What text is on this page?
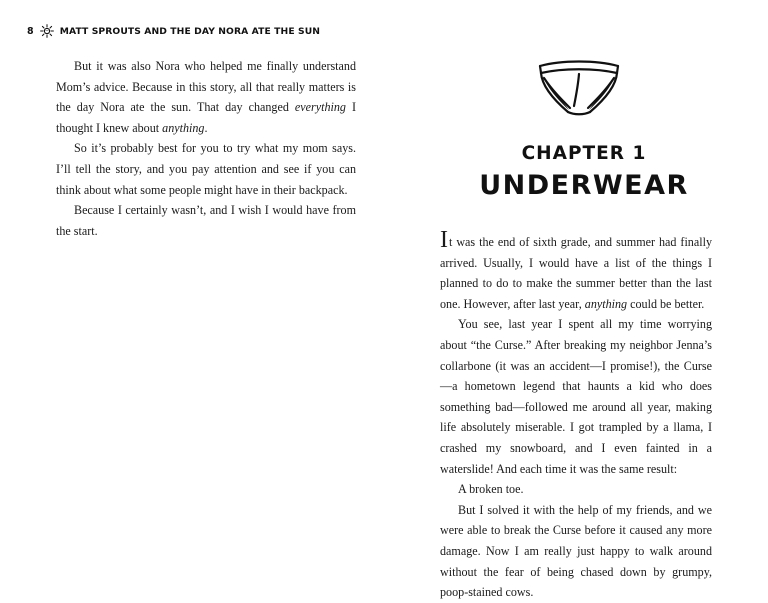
8	MATT SPROUTS AND THE DAY NORA ATE THE SUN

But it was also Nora who helped me finally understand Mom’s advice. Because in this story, all that really matters is the day Nora ate the sun. That day changed everything I thought I knew about anything.

So it’s probably best for you to try what my mom says. I’ll tell the story, and you pay attention and see if you can think about what some people might have in their backpack.

Because I certainly wasn’t, and I wish I would have from the start.

CHAPTER 1
UNDERWEAR

It was the end of sixth grade, and summer had finally arrived. Usually, I would have a list of the things I planned to do to make the summer better than the last one. However, after last year, anything could be better.

You see, last year I spent all my time worrying about “the Curse.” After breaking my neighbor Jenna’s collarbone (it was an accident—I promise!), the Curse—a hometown legend that haunts a kid who does something bad—followed me around all year, making life absolutely miserable. I got trampled by a llama, I crashed my snowboard, and I even fainted in a waterslide! And each time it was the same result:

A broken toe.

But I solved it with the help of my friends, and we were able to break the Curse before it caused any more damage. Now I am really just happy to walk around without the fear of being chased down by grumpy, poop-stained cows.
